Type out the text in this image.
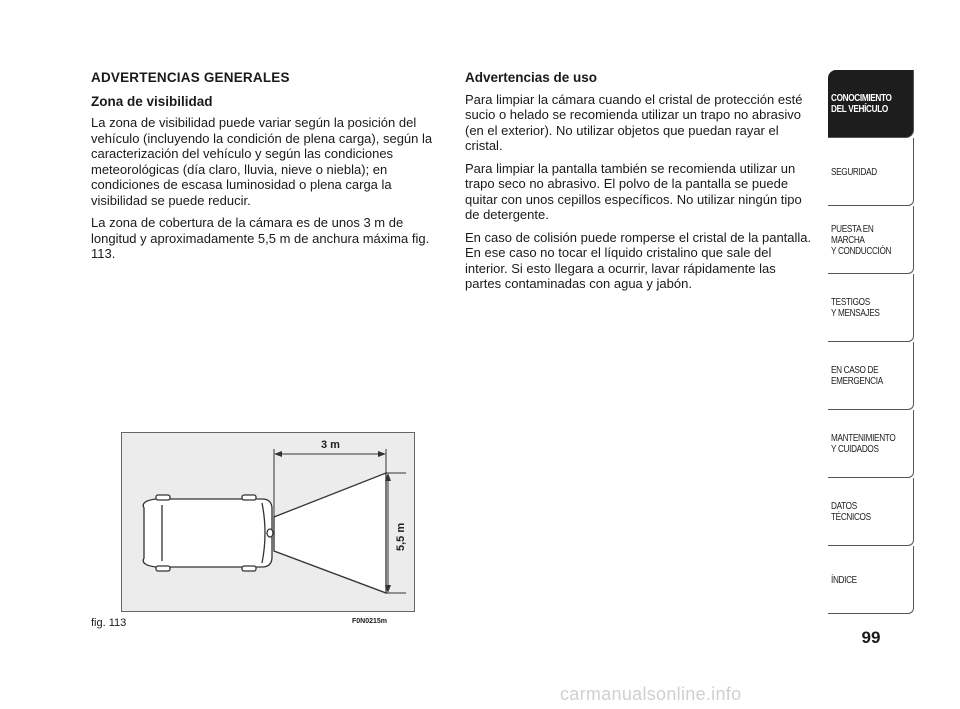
ADVERTENCIAS GENERALES

Zona de visibilidad

La zona de visibilidad puede variar según la posición del vehículo (incluyendo la condición de plena carga), según la caracterización del vehículo y según las condiciones meteorológicas (día claro, lluvia, nieve o niebla); en condiciones de escasa luminosidad o plena carga la visibilidad se puede reducir.

La zona de cobertura de la cámara es de unos 3 m de longitud y aproximadamente 5,5 m de anchura máxima fig. 113.

Advertencias de uso

Para limpiar la cámara cuando el cristal de protección esté sucio o helado se recomienda utilizar un trapo no abrasivo (en el exterior). No utilizar objetos que puedan rayar el cristal.

Para limpiar la pantalla también se recomienda utilizar un trapo seco no abrasivo. El polvo de la pantalla se puede quitar con unos cepillos específicos. No utilizar ningún tipo de detergente.

En caso de colisión puede romperse el cristal de la pantalla. En ese caso no tocar el líquido cristalino que sale del interior. Si esto llegara a ocurrir, lavar rápidamente las partes contaminadas con agua y jabón.

3 m
5,5 m
fig. 113	F0N0215m
CONOCIMIENTO
DEL VEHÍCULO
SEGURIDAD
PUESTA EN
MARCHA
Y CONDUCCIÓN
TESTIGOS
Y MENSAJES
EN CASO DE
EMERGENCIA
MANTENIMIENTO
Y CUIDADOS
DATOS
TÉCNICOS
ÍNDICE
99
carmanualsonline.info
